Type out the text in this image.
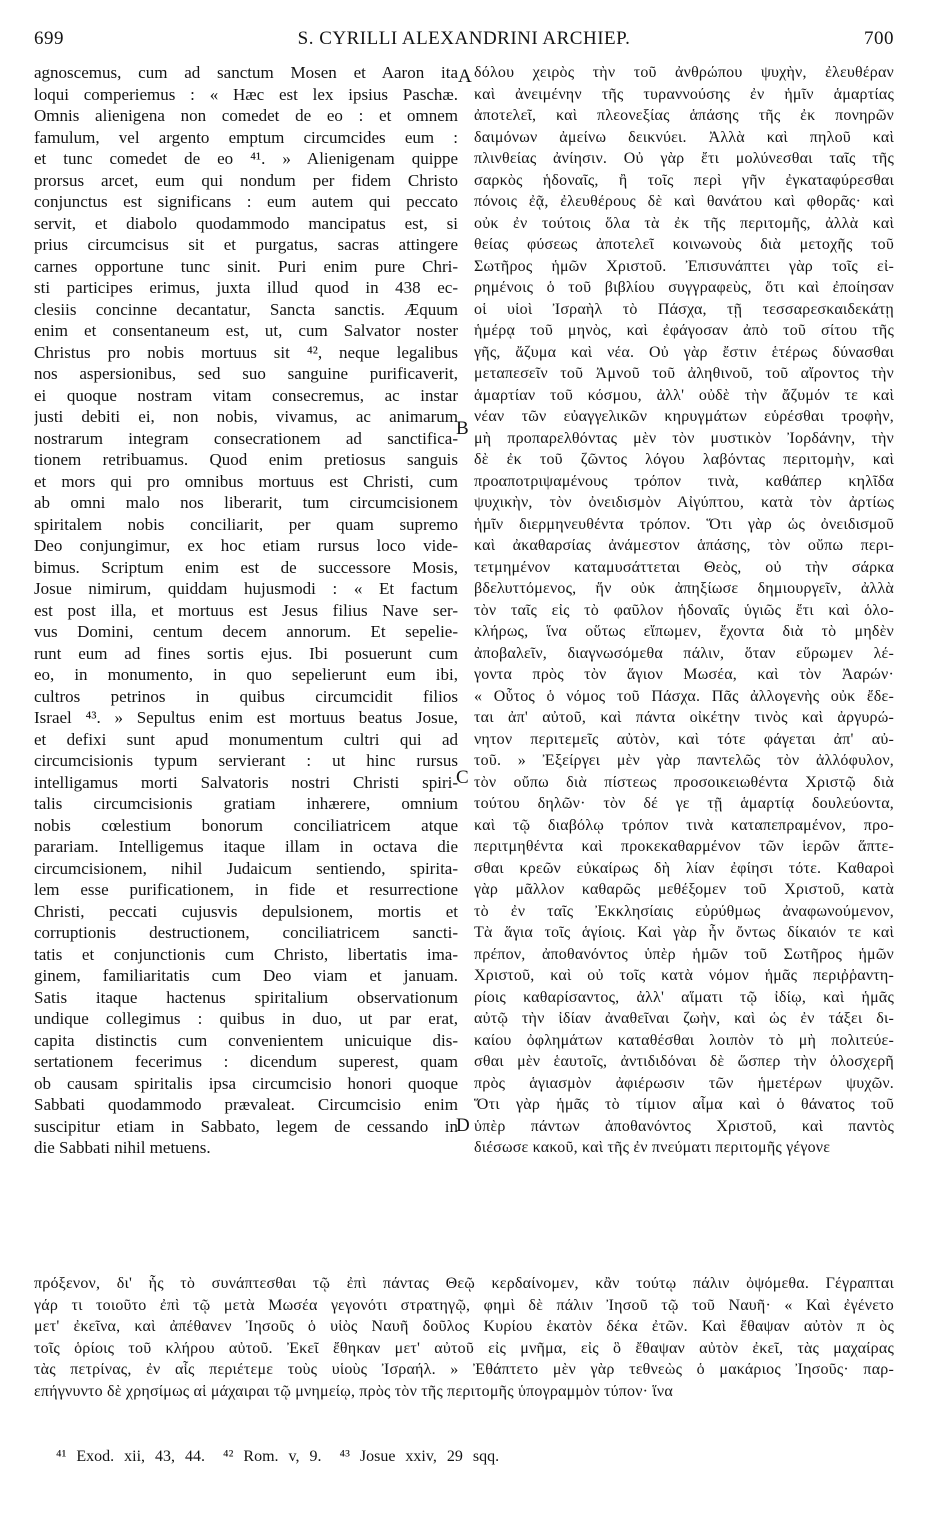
699	S. CYRILLI ALEXANDRINI ARCHIEP.	700
agnoscemus, cum ad sanctum Mosen et Aaron ita
loqui comperiemus : « Hæc est lex ipsius Paschæ.
Omnis alienigena non comedet de eo : et omnem
famulum, vel argento emptum circumcides eum :
et tunc comedet de eo ⁴¹. » Alienigenam quippe
prorsus arcet, eum qui nondum per fidem Christo
conjunctus est significans : eum autem qui peccato
servit, et diabolo quodammodo mancipatus est, si
prius circumcisus sit et purgatus, sacras attingere
carnes opportune tunc sinit. Puri enim pure Chri-
sti participes erimus, juxta illud quod in 438 ec-
clesiis concinne decantatur, Sancta sanctis. Æquum
enim et consentaneum est, ut, cum Salvator noster
Christus pro nobis mortuus sit ⁴², neque legalibus
nos aspersionibus, sed suo sanguine purificaverit,
ei quoque nostram vitam consecremus, ac instar
justi debiti ei, non nobis, vivamus, ac animarum
nostrarum integram consecrationem ad sanctifica-
tionem retribuamus. Quod enim pretiosus sanguis
et mors qui pro omnibus mortuus est Christi, cum
ab omni malo nos liberarit, tum circumcisionem
spiritalem nobis conciliarit, per quam supremo
Deo conjungimur, ex hoc etiam rursus loco vide-
bimus. Scriptum enim est de successore Mosis,
Josue nimirum, quiddam hujusmodi : « Et factum
est post illa, et mortuus est Jesus filius Nave ser-
vus Domini, centum decem annorum. Et sepelie-
runt eum ad fines sortis ejus. Ibi posuerunt cum
eo, in monumento, in quo sepelierunt eum ibi,
cultros petrinos in quibus circumcidit filios
Israel ⁴³. » Sepultus enim est mortuus beatus Josue,
et defixi sunt apud monumentum cultri qui ad
circumcisionis typum servierant : ut hinc rursus
intelligamus morti Salvatoris nostri Christi spiri-
talis circumcisionis gratiam inhærere, omnium
nobis cœlestium bonorum conciliatricem atque
parariam. Intelligemus itaque illam in octava die
circumcisionem, nihil Judaicum sentiendo, spirita-
lem esse purificationem, in fide et resurrectione
Christi, peccati cujusvis depulsionem, mortis et
corruptionis destructionem, conciliatricem sancti-
tatis et conjunctionis cum Christo, libertatis ima-
ginem, familiaritatis cum Deo viam et januam.
Satis itaque hactenus spiritalium observationum
undique collegimus : quibus in duo, ut par erat,
capita distinctis cum convenientem unicuique dis-
sertationem fecerimus : dicendum superest, quam
ob causam spiritalis ipsa circumcisio honori quoque
Sabbati quodammodo prævaleat. Circumcisio enim
suscipitur etiam in Sabbato, legem de cessando in
die Sabbati nihil metuens.
A
B
C
D
δόλου χειρὸς τὴν τοῦ ἀνθρώπου ψυχὴν, ἐλευθέραν
καὶ ἀνειμένην τῆς τυραννούσης ἐν ἡμῖν ἁμαρτίας
ἀποτελεῖ, καὶ πλεονεξίας ἁπάσης τῆς ἐκ πονηρῶν
δαιμόνων ἀμείνω δεικνύει. Ἀλλὰ καὶ πηλοῦ καὶ
πλινθείας ἀνίησιν. Οὐ γὰρ ἔτι μολύνεσθαι ταῖς τῆς
σαρκὸς ἡδοναῖς, ἢ τοῖς περὶ γῆν ἐγκαταφύρεσθαι
πόνοις ἐᾷ, ἐλευθέρους δὲ καὶ θανάτου καὶ φθορᾶς· καὶ
οὐκ ἐν τούτοις ὅλα τὰ ἐκ τῆς περιτομῆς, ἀλλὰ καὶ
θείας φύσεως ἀποτελεῖ κοινωνοὺς διὰ μετοχῆς τοῦ
Σωτῆρος ἡμῶν Χριστοῦ. Ἐπισυνάπτει γὰρ τοῖς εἰ-
ρημένοις ὁ τοῦ βιβλίου συγγραφεὺς, ὅτι καὶ ἐποίησαν
οἱ υἱοὶ Ἰσραὴλ τὸ Πάσχα, τῇ τεσσαρεσκαιδεκάτῃ
ἡμέρᾳ τοῦ μηνὸς, καὶ ἐφάγοσαν ἀπὸ τοῦ σίτου τῆς
γῆς, ἄζυμα καὶ νέα. Οὐ γὰρ ἔστιν ἑτέρως δύνασθαι
μεταπεσεῖν τοῦ Ἀμνοῦ τοῦ ἀληθινοῦ, τοῦ αἴροντος τὴν
ἁμαρτίαν τοῦ κόσμου, ἀλλ' οὐδὲ τὴν ἄζυμόν τε καὶ
νέαν τῶν εὐαγγελικῶν κηρυγμάτων εὑρέσθαι τροφὴν,
μὴ προπαρελθόντας μὲν τὸν μυστικὸν Ἰορδάνην, τὴν
δὲ ἐκ τοῦ ζῶντος λόγου λαβόντας περιτομὴν, καὶ
προαποτριψαμένους τρόπον τινὰ, καθάπερ κηλῖδα
ψυχικὴν, τὸν ὀνειδισμὸν Αἰγύπτου, κατὰ τὸν ἀρτίως
ἡμῖν διερμηνευθέντα τρόπον. Ὅτι γὰρ ὡς ὀνειδισμοῦ
καὶ ἀκαθαρσίας ἀνάμεστον ἁπάσης, τὸν οὔπω περι-
τετμημένον καταμυσάττεται Θεὸς, οὐ τὴν σάρκα
βδελυττόμενος, ἥν οὐκ ἀπηξίωσε δημιουργεῖν, ἀλλὰ
τὸν ταῖς εἰς τὸ φαῦλον ἡδοναῖς ὑγιῶς ἔτι καὶ ὁλο-
κλήρως, ἵνα οὕτως εἴπωμεν, ἔχοντα διὰ τὸ μηδὲν
ἀποβαλεῖν, διαγνωσόμεθα πάλιν, ὅταν εὕρωμεν λέ-
γοντα πρὸς τὸν ἅγιον Μωσέα, καὶ τὸν Ἀαρών·
« Οὗτος ὁ νόμος τοῦ Πάσχα. Πᾶς ἀλλογενὴς οὐκ ἔδε-
ται ἀπ' αὐτοῦ, καὶ πάντα οἰκέτην τινὸς καὶ ἀργυρώ-
νητον περιτεμεῖς αὐτὸν, καὶ τότε φάγεται ἀπ' αὐ-
τοῦ. » Ἐξείργει μὲν γὰρ παντελῶς τὸν ἀλλόφυλον,
τὸν οὔπω διὰ πίστεως προσοικειωθέντα Χριστῷ διὰ
τούτου δηλῶν· τὸν δέ γε τῇ ἁμαρτίᾳ δουλεύοντα,
καὶ τῷ διαβόλῳ τρόπον τινὰ καταπεπραμένον, προ-
περιτμηθέντα καὶ προκεκαθαρμένον τῶν ἱερῶν ἅπτε-
σθαι κρεῶν εὐκαίρως δὴ λίαν ἐφίησι τότε. Καθαροὶ
γὰρ μᾶλλον καθαρῶς μεθέξομεν τοῦ Χριστοῦ, κατὰ
τὸ ἐν ταῖς Ἐκκλησίαις εὐρύθμως ἀναφωνούμενον,
Τὰ ἅγια τοῖς ἁγίοις. Καὶ γὰρ ἦν ὄντως δίκαιόν τε καὶ
πρέπον, ἀποθανόντος ὑπὲρ ἡμῶν τοῦ Σωτῆρος ἡμῶν
Χριστοῦ, καὶ οὐ τοῖς κατὰ νόμον ἡμᾶς περιῤῥαντη-
ρίοις καθαρίσαντος, ἀλλ' αἵματι τῷ ἰδίῳ, καὶ ἡμᾶς
αὐτῷ τὴν ἰδίαν ἀναθεῖναι ζωὴν, καὶ ὡς ἐν τάξει δι-
καίου ὀφλημάτων καταθέσθαι λοιπὸν τὸ μὴ πολιτεύε-
σθαι μὲν ἑαυτοῖς, ἀντιδιδόναι δὲ ὥσπερ τὴν ὁλοσχερῆ
πρὸς ἁγιασμὸν ἀφιέρωσιν τῶν ἡμετέρων ψυχῶν.
Ὅτι γὰρ ἡμᾶς τὸ τίμιον αἷμα καὶ ὁ θάνατος τοῦ
ὑπὲρ πάντων ἀποθανόντος Χριστοῦ, καὶ παντὸς
διέσωσε κακοῦ, καὶ τῆς ἐν πνεύματι περιτομῆς γέγονε
πρόξενον, δι' ἧς τὸ συνάπτεσθαι τῷ ἐπὶ πάντας Θεῷ κερδαίνομεν, κἂν τούτῳ πάλιν ὀψόμεθα. Γέγραπται
γάρ τι τοιοῦτο ἐπὶ τῷ μετὰ Μωσέα γεγονότι στρατηγῷ, φημὶ δὲ πάλιν Ἰησοῦ τῷ τοῦ Ναυῆ· « Καὶ ἐγένετο
μετ' ἐκεῖνα, καὶ ἀπέθανεν Ἰησοῦς ὁ υἱὸς Ναυῆ δοῦλος Κυρίου ἑκατὸν δέκα ἐτῶν. Καὶ ἔθαψαν αὐτὸν π ὸς
τοῖς ὁρίοις τοῦ κλήρου αὐτοῦ. Ἐκεῖ ἔθηκαν μετ' αὐτοῦ εἰς μνῆμα, εἰς ὃ ἔθαψαν αὐτὸν ἐκεῖ, τὰς μαχαίρας
τὰς πετρίνας, ἐν αἷς περιέτεμε τοὺς υἱοὺς Ἰσραήλ. » Ἐθάπτετο μὲν γὰρ τεθνεὼς ὁ μακάριος Ἰησοῦς· παρ-
επήγνυντο δὲ χρησίμως αἱ μάχαιραι τῷ μνημείῳ, πρὸς τὸν τῆς περιτομῆς ὑπογραμμὸν τύπον· ἵνα
⁴¹ Exod. xii, 43, 44. ⁴² Rom. v, 9. ⁴³ Josue xxiv, 29 sqq.
